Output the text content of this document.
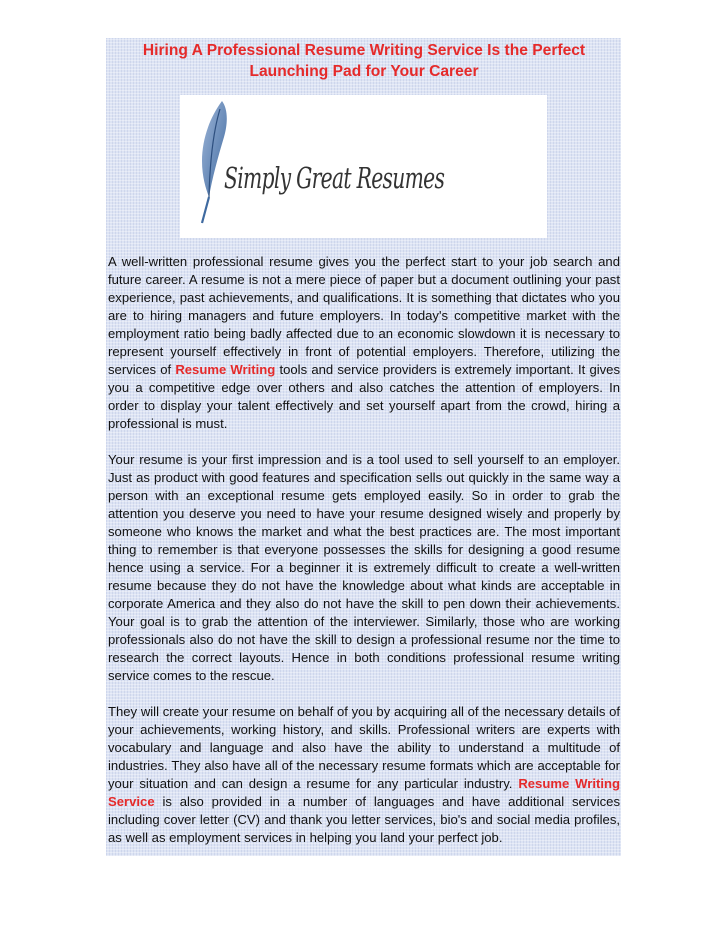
Hiring A Professional Resume Writing Service Is the Perfect Launching Pad for Your Career
Simply Great Resumes

A well-written professional resume gives you the perfect start to your job search and future career. A resume is not a mere piece of paper but a document outlining your past experience, past achievements, and qualifications. It is something that dictates who you are to hiring managers and future employers. In today's competitive market with the employment ratio being badly affected due to an economic slowdown it is necessary to represent yourself effectively in front of potential employers. Therefore, utilizing the services of Resume Writing tools and service providers is extremely important. It gives you a competitive edge over others and also catches the attention of employers. In order to display your talent effectively and set yourself apart from the crowd, hiring a professional is must.

Your resume is your first impression and is a tool used to sell yourself to an employer. Just as product with good features and specification sells out quickly in the same way a person with an exceptional resume gets employed easily. So in order to grab the attention you deserve you need to have your resume designed wisely and properly by someone who knows the market and what the best practices are. The most important thing to remember is that everyone possesses the skills for designing a good resume hence using a service. For a beginner it is extremely difficult to create a well-written resume because they do not have the knowledge about what kinds are acceptable in corporate America and they also do not have the skill to pen down their achievements. Your goal is to grab the attention of the interviewer. Similarly, those who are working professionals also do not have the skill to design a professional resume nor the time to research the correct layouts. Hence in both conditions professional resume writing service comes to the rescue.

They will create your resume on behalf of you by acquiring all of the necessary details of your achievements, working history, and skills. Professional writers are experts with vocabulary and language and also have the ability to understand a multitude of industries. They also have all of the necessary resume formats which are acceptable for your situation and can design a resume for any particular industry. Resume Writing Service is also provided in a number of languages and have additional services including cover letter (CV) and thank you letter services, bio's and social media profiles, as well as employment services in helping you land your perfect job.
